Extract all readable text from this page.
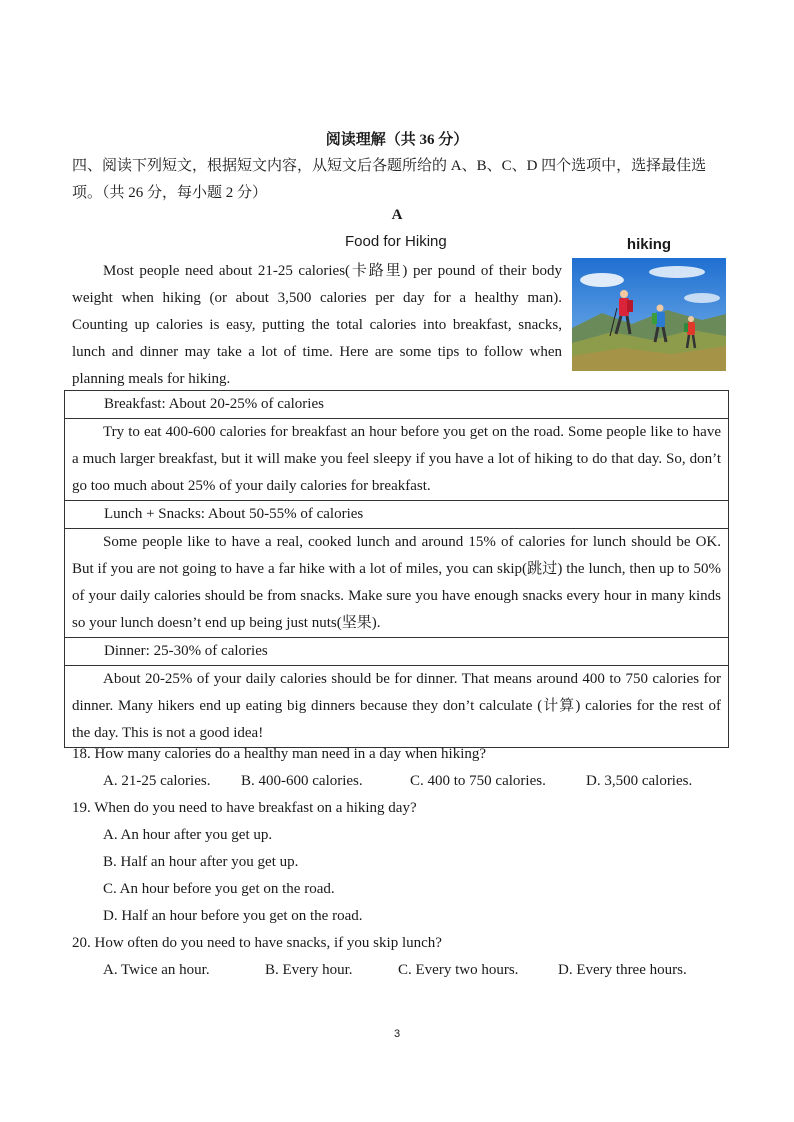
阅读理解（共 36 分）
四、阅读下列短文，根据短文内容，从短文后各题所给的 A、B、C、D 四个选项中，选择最佳选项。（共 26 分，每小题 2 分）
A
Food for Hiking	hiking

Most people need about 21-25 calories(卡路里) per pound of their body weight when hiking (or about 3,500 calories per day for a healthy man). Counting up calories is easy, putting the total calories into breakfast, snacks, lunch and dinner may take a lot of time. Here are some tips to follow when planning meals for hiking.

Breakfast: About 20-25% of calories
Try to eat 400-600 calories for breakfast an hour before you get on the road. Some people like to have a much larger breakfast, but it will make you feel sleepy if you have a lot of hiking to do that day. So, don’t go too much about 25% of your daily calories for breakfast.
Lunch + Snacks: About 50-55% of calories
Some people like to have a real, cooked lunch and around 15% of calories for lunch should be OK. But if you are not going to have a far hike with a lot of miles, you can skip(跳过) the lunch, then up to 50% of your daily calories should be from snacks. Make sure you have enough snacks every hour in many kinds so your lunch doesn’t end up being just nuts(坚果).
Dinner: 25-30% of calories
About 20-25% of your daily calories should be for dinner. That means around 400 to 750 calories for dinner. Many hikers end up eating big dinners because they don’t calculate (计算) calories for the rest of the day. This is not a good idea!
18. How many calories do a healthy man need in a day when hiking?
A. 21-25 calories.	B. 400-600 calories.	C. 400 to 750 calories.	D. 3,500 calories.
19. When do you need to have breakfast on a hiking day?
A. An hour after you get up.
B. Half an hour after you get up.
C. An hour before you get on the road.
D. Half an hour before you get on the road.
20. How often do you need to have snacks, if you skip lunch?
A. Twice an hour.	B. Every hour.	C. Every two hours.	D. Every three hours.
3
